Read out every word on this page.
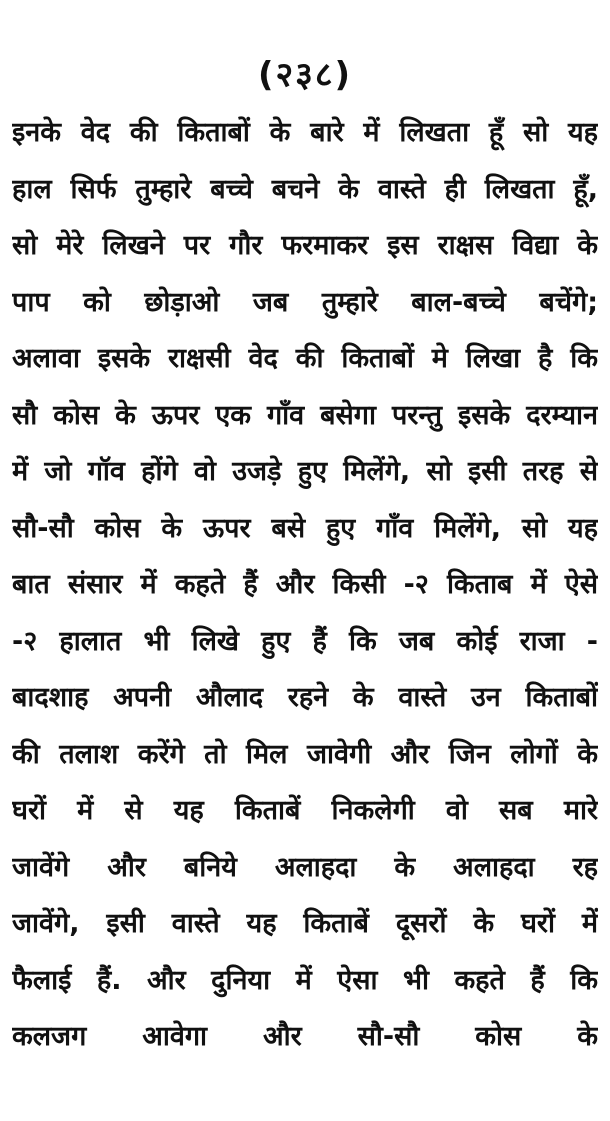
(२३८)
इनके वेद की किताबों के बारे में लिखता हूँ सो यह
हाल सिर्फ तुम्हारे बच्चे बचने के वास्ते ही लिखता हूँ,
सो मेरे लिखने पर गौर फरमाकर इस राक्षस विद्या के
पाप को छोड़ाओ जब तुम्हारे बाल-बच्चे बचेंगे;
अलावा इसके राक्षसी वेद की किताबों मे लिखा है कि
सौ कोस के ऊपर एक गाँव बसेगा परन्तु इसके दरम्यान
में जो गॉव होंगे वो उजड़े हुए मिलेंगे, सो इसी तरह से
सौ-सौ कोस के ऊपर बसे हुए गाँव मिलेंगे, सो यह
बात संसार में कहते हैं और किसी -२ किताब में ऐसे
-२ हालात भी लिखे हुए हैं कि जब कोई राजा -
बादशाह अपनी औलाद रहने के वास्ते उन किताबों
की तलाश करेंगे तो मिल जावेगी और जिन लोगों के
घरों में से यह किताबें निकलेगी वो सब मारे
जावेंगे और बनिये अलाहदा के अलाहदा रह
जावेंगे, इसी वास्ते यह किताबें दूसरों के घरों में
फैलाई हैं. और दुनिया में ऐसा भी कहते हैं कि
कलजग आवेगा और सौ-सौ कोस के
